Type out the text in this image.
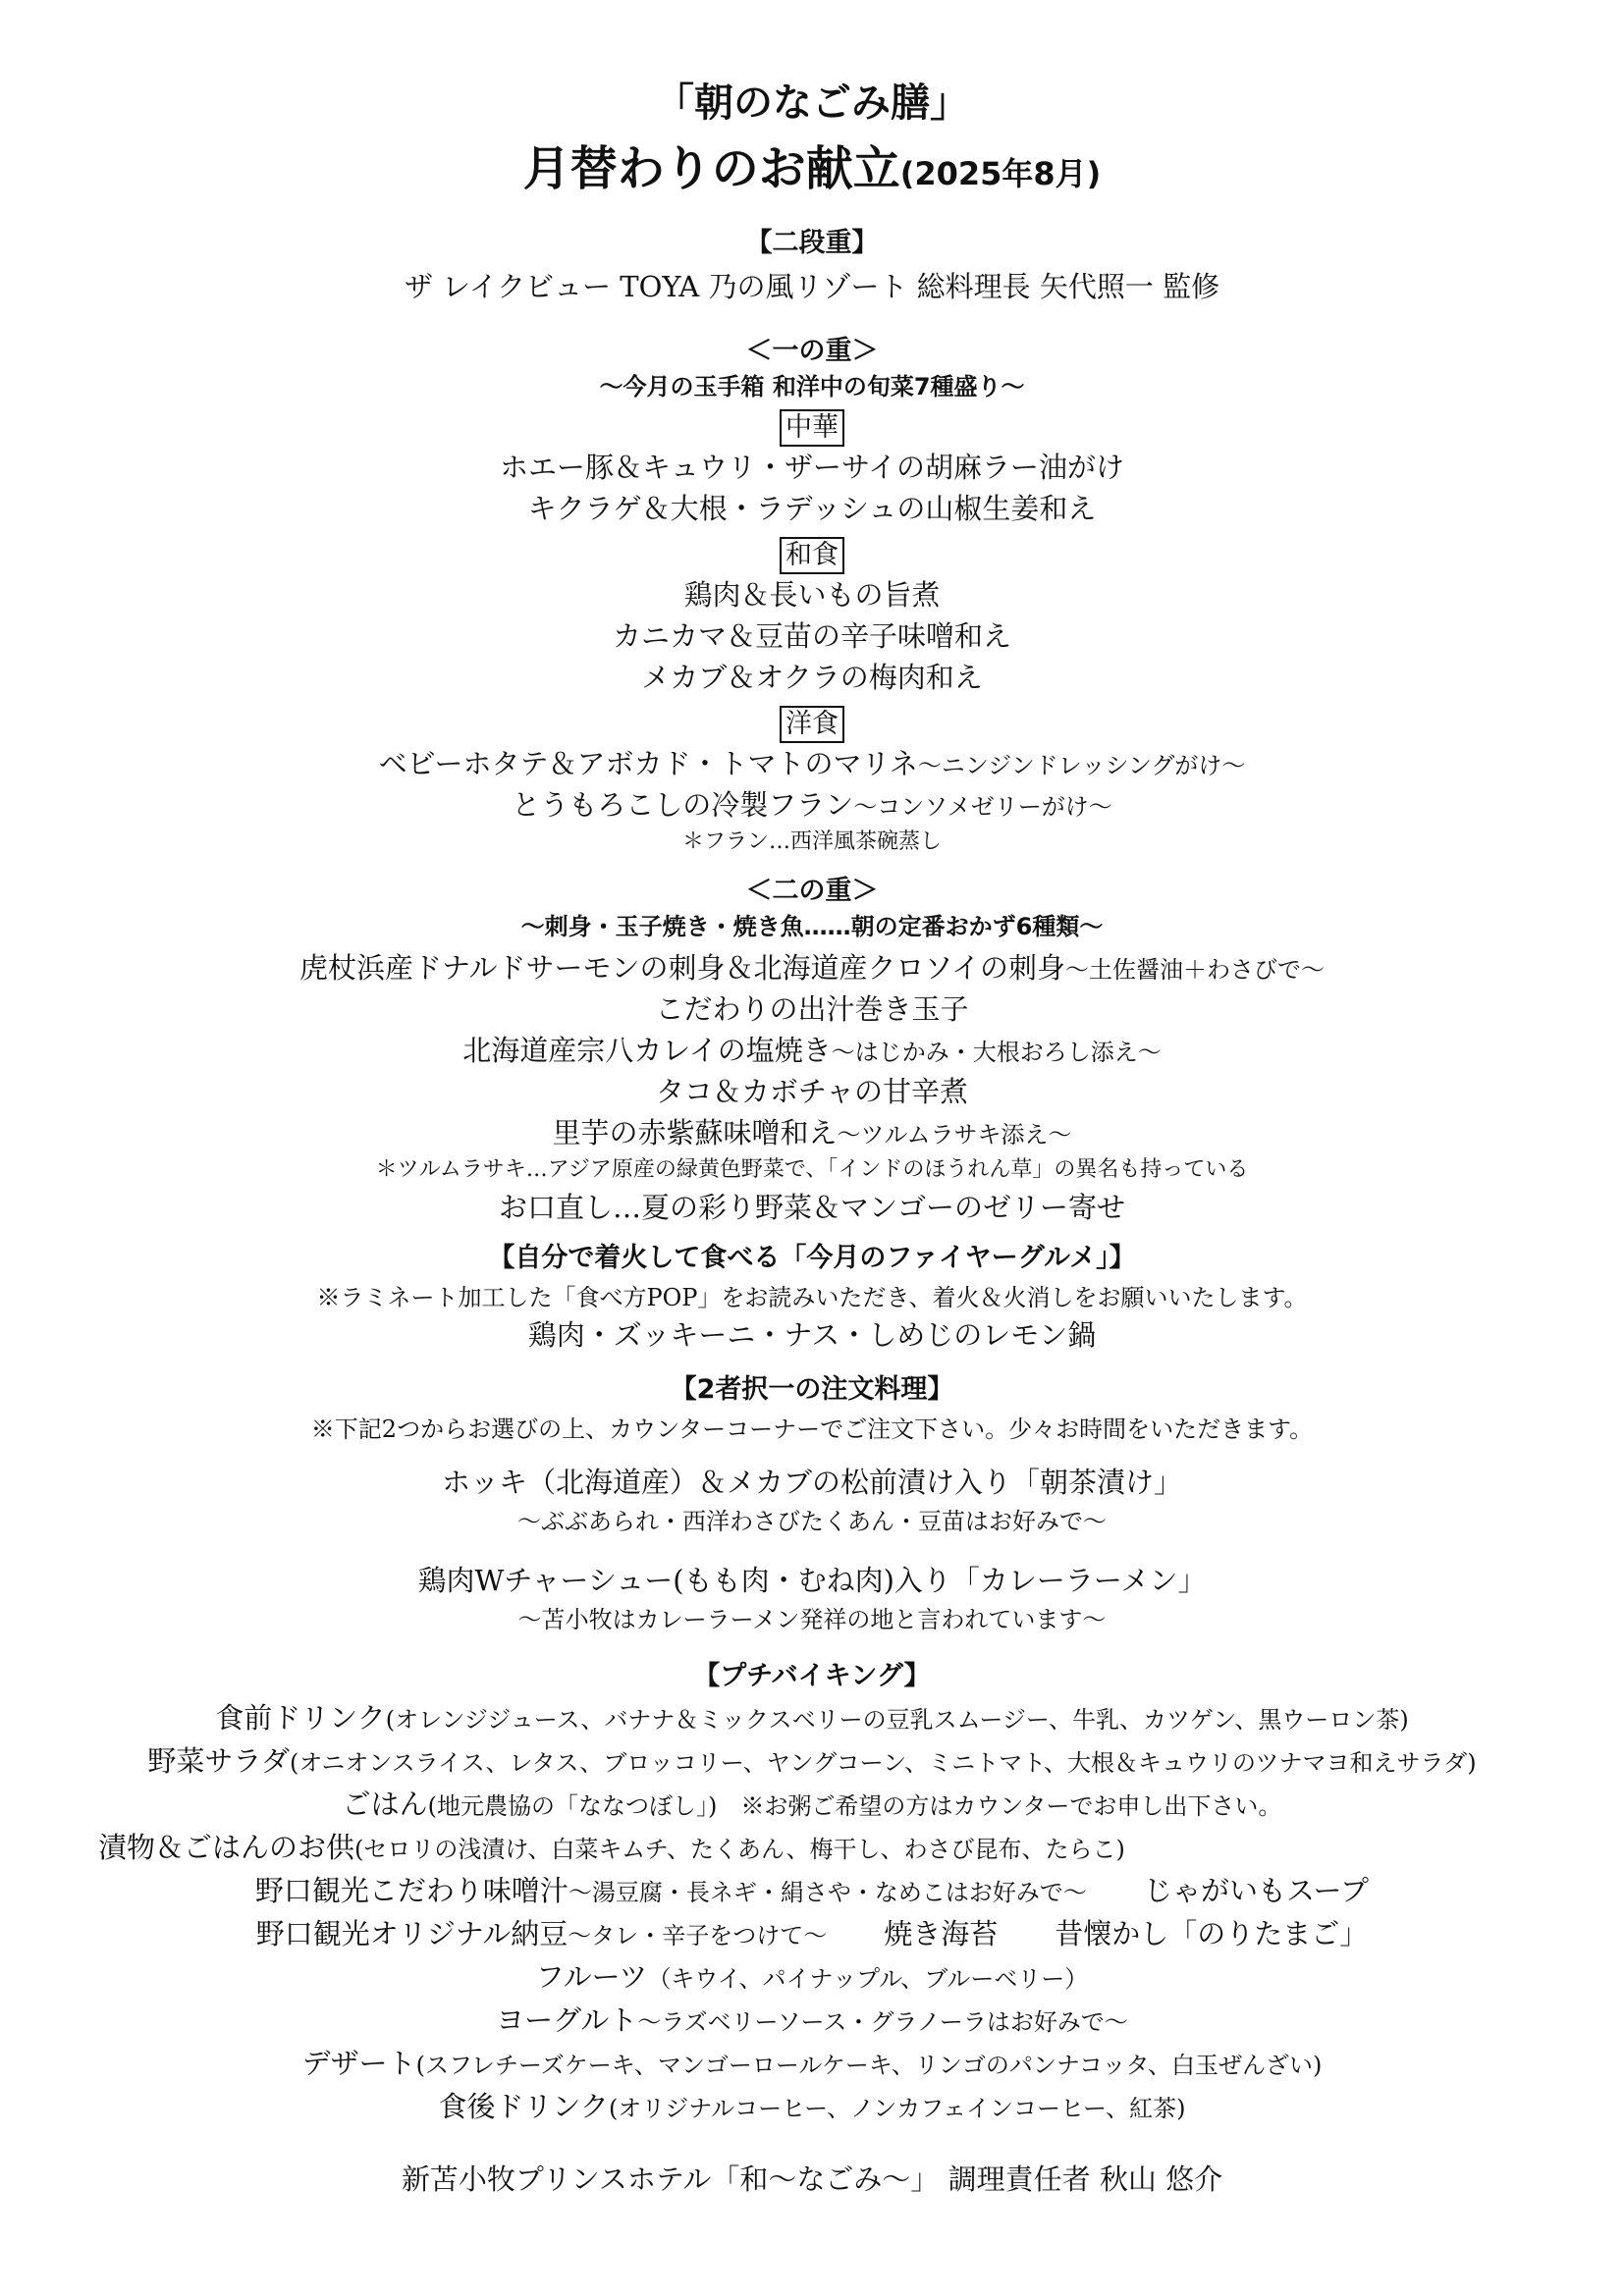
「朝のなごみ膳」
月替わりのお献立(2025年8月)
【二段重】
ザ レイクビュー TOYA 乃の風リゾート 総料理長 矢代照一 監修
＜一の重＞
～今月の玉手箱 和洋中の旬菜7種盛り～
中華
ホエー豚＆キュウリ・ザーサイの胡麻ラー油がけ
キクラゲ＆大根・ラデッシュの山椒生姜和え
和食
鶏肉＆長いもの旨煮
カニカマ＆豆苗の辛子味噌和え
メカブ＆オクラの梅肉和え
洋食
ベビーホタテ＆アボカド・トマトのマリネ～ニンジンドレッシングがけ～
とうもろこしの冷製フラン～コンソメゼリーがけ～
＊フラン…西洋風茶碗蒸し
＜二の重＞
～刺身・玉子焼き・焼き魚……朝の定番おかず6種類～
虎杖浜産ドナルドサーモンの刺身＆北海道産クロソイの刺身～土佐醤油＋わさびで～
こだわりの出汁巻き玉子
北海道産宗八カレイの塩焼き～はじかみ・大根おろし添え～
タコ＆カボチャの甘辛煮
里芋の赤紫蘇味噌和え～ツルムラサキ添え～
＊ツルムラサキ…アジア原産の緑黄色野菜で、「インドのほうれん草」の異名も持っている
お口直し…夏の彩り野菜＆マンゴーのゼリー寄せ
【自分で着火して食べる「今月のファイヤーグルメ」】
※ラミネート加工した「食べ方POP」をお読みいただき、着火＆火消しをお願いいたします。
鶏肉・ズッキーニ・ナス・しめじのレモン鍋
【2者択一の注文料理】
※下記2つからお選びの上、カウンターコーナーでご注文下さい。少々お時間をいただきます。
ホッキ（北海道産）＆メカブの松前漬け入り「朝茶漬け」
～ぶぶあられ・西洋わさびたくあん・豆苗はお好みで～
鶏肉Wチャーシュー(もも肉・むね肉)入り「カレーラーメン」
～苫小牧はカレーラーメン発祥の地と言われています～
【プチバイキング】
食前ドリンク(オレンジジュース、バナナ＆ミックスベリーの豆乳スムージー、牛乳、カツゲン、黒ウーロン茶)
野菜サラダ(オニオンスライス、レタス、ブロッコリー、ヤングコーン、ミニトマト、大根＆キュウリのツナマヨ和えサラダ)
ごはん(地元農協の「ななつぼし」)　 ※お粥ご希望の方はカウンターでお申し出下さい。
漬物＆ごはんのお供(セロリの浅漬け、白菜キムチ、たくあん、梅干し、わさび昆布、たらこ)
野口観光こだわり味噌汁～湯豆腐・長ネギ・絹さや・なめこはお好みで～　　 じゃがいもスープ
野口観光オリジナル納豆～タレ・辛子をつけて～　　 焼き海苔　　昔懐かし「のりたまご」
フルーツ（キウイ、パイナップル、ブルーベリー）
ヨーグルト～ラズベリーソース・グラノーラはお好みで～
デザート(スフレチーズケーキ、マンゴーロールケーキ、リンゴのパンナコッタ、白玉ぜんざい)
食後ドリンク(オリジナルコーヒー、ノンカフェインコーヒー、紅茶)
新苫小牧プリンスホテル「和～なごみ～」 調理責任者 秋山 悠介
